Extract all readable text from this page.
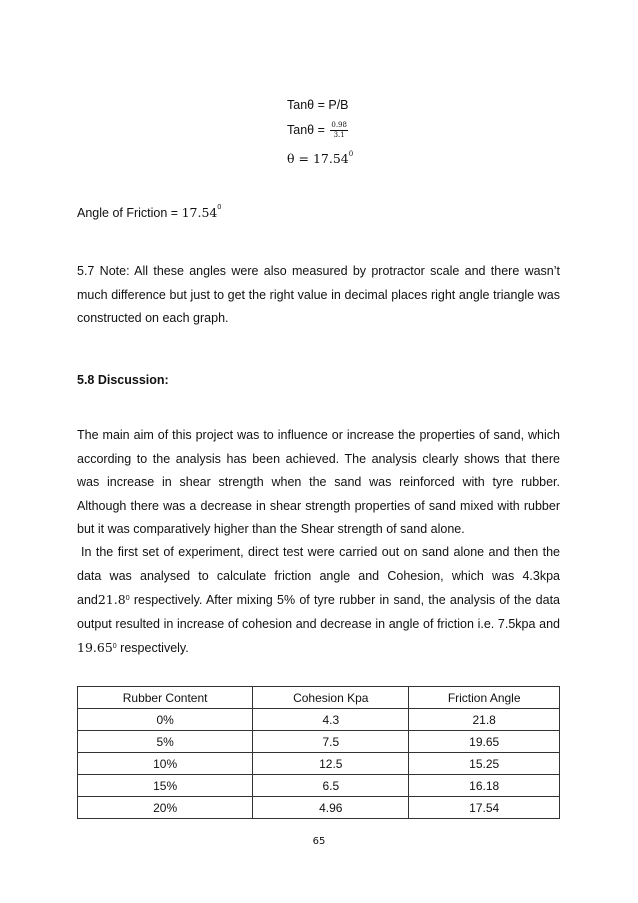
Tanθ = P/B
$Tan\theta = \frac{0.98}{3.1}$
$\theta = 17.54^0$
Angle of Friction = $17.54^0$
5.7 Note: All these angles were also measured by protractor scale and there wasn’t much difference but just to get the right value in decimal places right angle triangle was constructed on each graph.
5.8 Discussion:
The main aim of this project was to influence or increase the properties of sand, which according to the analysis has been achieved. The analysis clearly shows that there was increase in shear strength when the sand was reinforced with tyre rubber. Although there was a decrease in shear strength properties of sand mixed with rubber but it was comparatively higher than the Shear strength of sand alone.
In the first set of experiment, direct test were carried out on sand alone and then the data was analysed to calculate friction angle and Cohesion, which was 4.3kpa and21.8$^0$ respectively. After mixing 5% of tyre rubber in sand, the analysis of the data output resulted in increase of cohesion and decrease in angle of friction i.e. 7.5kpa and 19.65$^0$ respectively.
Rubber Content	Cohesion Kpa	Friction Angle
0%	4.3	21.8
5%	7.5	19.65
10%	12.5	15.25
15%	6.5	16.18
20%	4.96	17.54
65
